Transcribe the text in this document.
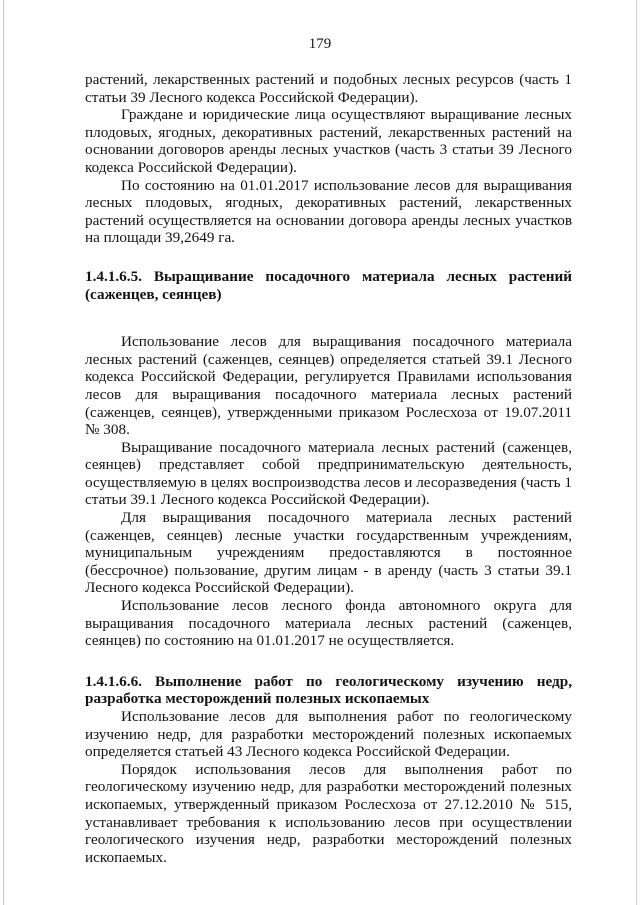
179

растений, лекарственных растений и подобных лесных ресурсов (часть 1 статьи 39 Лесного кодекса Российской Федерации).

Граждане и юридические лица осуществляют выращивание лесных плодовых, ягодных, декоративных растений, лекарственных растений на основании договоров аренды лесных участков (часть 3 статьи 39 Лесного кодекса Российской Федерации).

По состоянию на 01.01.2017 использование лесов для выращивания лесных плодовых, ягодных, декоративных растений, лекарственных растений осуществляется на основании договора аренды лесных участков на площади 39,2649 га.

1.4.1.6.5. Выращивание посадочного материала лесных растений (саженцев, сеянцев)

Использование лесов для выращивания посадочного материала лесных растений (саженцев, сеянцев) определяется статьей 39.1 Лесного кодекса Российской Федерации, регулируется Правилами использования лесов для выращивания посадочного материала лесных растений (саженцев, сеянцев), утвержденными приказом Рослесхоза от 19.07.2011 № 308.

Выращивание посадочного материала лесных растений (саженцев, сеянцев) представляет собой предпринимательскую деятельность, осуществляемую в целях воспроизводства лесов и лесоразведения (часть 1 статьи 39.1 Лесного кодекса Российской Федерации).

Для выращивания посадочного материала лесных растений (саженцев, сеянцев) лесные участки государственным учреждениям, муниципальным учреждениям предоставляются в постоянное (бессрочное) пользование, другим лицам - в аренду (часть 3 статьи 39.1 Лесного кодекса Российской Федерации).

Использование лесов лесного фонда автономного округа для выращивания посадочного материала лесных растений (саженцев, сеянцев) по состоянию на 01.01.2017 не осуществляется.

1.4.1.6.6. Выполнение работ по геологическому изучению недр, разработка месторождений полезных ископаемых

Использование лесов для выполнения работ по геологическому изучению недр, для разработки месторождений полезных ископаемых определяется статьей 43 Лесного кодекса Российской Федерации.

Порядок использования лесов для выполнения работ по геологическому изучению недр, для разработки месторождений полезных ископаемых, утвержденный приказом Рослесхоза от 27.12.2010 № 515, устанавливает требования к использованию лесов при осуществлении геологического изучения недр, разработки месторождений полезных ископаемых.
